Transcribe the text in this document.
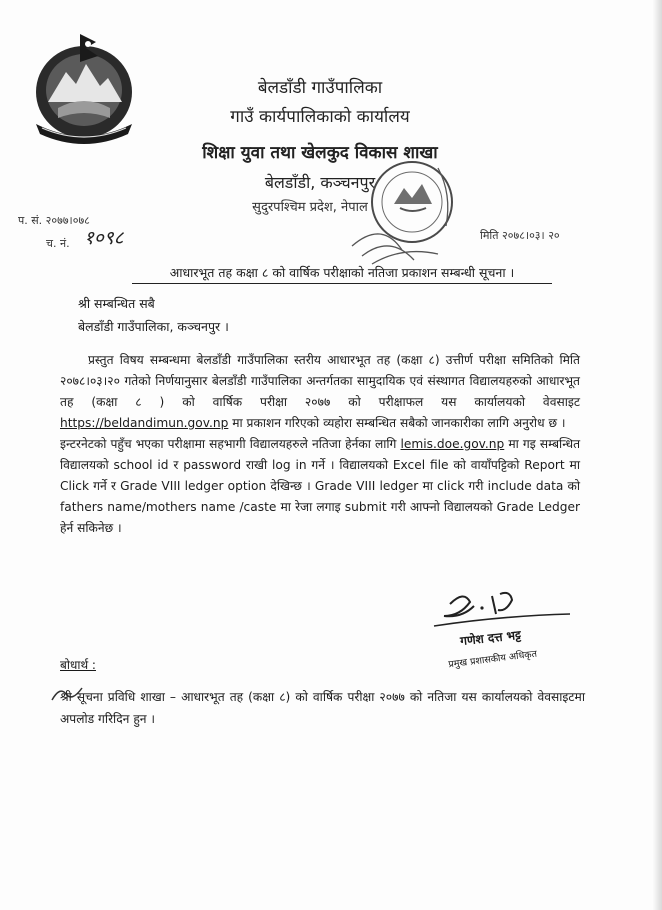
बेलडाँडी गाउँपालिका
गाउँ कार्यपालिकाको कार्यालय
शिक्षा युवा तथा खेलकुद विकास शाखा
बेलडाँडी, कञ्चनपुर
सुदुरपश्चिम प्रदेश, नेपाल
प. सं. २०७७।०७८
च. नं. १०९८	मिति २०७८।०३। २०
आधारभूत तह कक्षा ८ को वार्षिक परीक्षाको नतिजा प्रकाशन सम्बन्धी सूचना ।
श्री सम्बन्धित सबै
बेलडाँडी गाउँपालिका, कञ्चनपुर ।

प्रस्तुत विषय सम्बन्धमा बेलडाँडी गाउँपालिका स्तरीय आधारभूत तह (कक्षा ८) उत्तीर्ण परीक्षा समितिको मिति २०७८।०३।२० गतेको निर्णयानुसार बेलडाँडी गाउँपालिका अन्तर्गतका सामुदायिक एवं संस्थागत विद्यालयहरुको आधारभूत तह (कक्षा ८ ) को वार्षिक परीक्षा २०७७ को परीक्षाफल यस कार्यालयको वेवसाइट https://beldandimun.gov.np मा प्रकाशन गरिएको व्यहोरा सम्बन्धित सबैको जानकारीका लागि अनुरोध छ ।

इन्टरनेटको पहुँच भएका परीक्षामा सहभागी विद्यालयहरुले नतिजा हेर्नका लागि lemis.doe.gov.np मा गइ सम्बन्धित विद्यालयको school id र password राखी log in गर्ने । विद्यालयको Excel file को वायाँपट्टिको Report मा Click गर्ने र Grade VIII ledger option देखिन्छ । Grade VIII ledger मा click गरी include data को fathers name/mothers name /caste मा रेजा लगाइ submit गरी आफ्नो विद्यालयको Grade Ledger हेर्न सकिनेछ ।

गणेश दत्त भट्ट
प्रमुख प्रशासकीय अधिकृत
बोधार्थ :

श्री सूचना प्रविधि शाखा – आधारभूत तह (कक्षा ८) को वार्षिक परीक्षा २०७७ को नतिजा यस कार्यालयको वेवसाइटमा अपलोड गरिदिन हुन ।
